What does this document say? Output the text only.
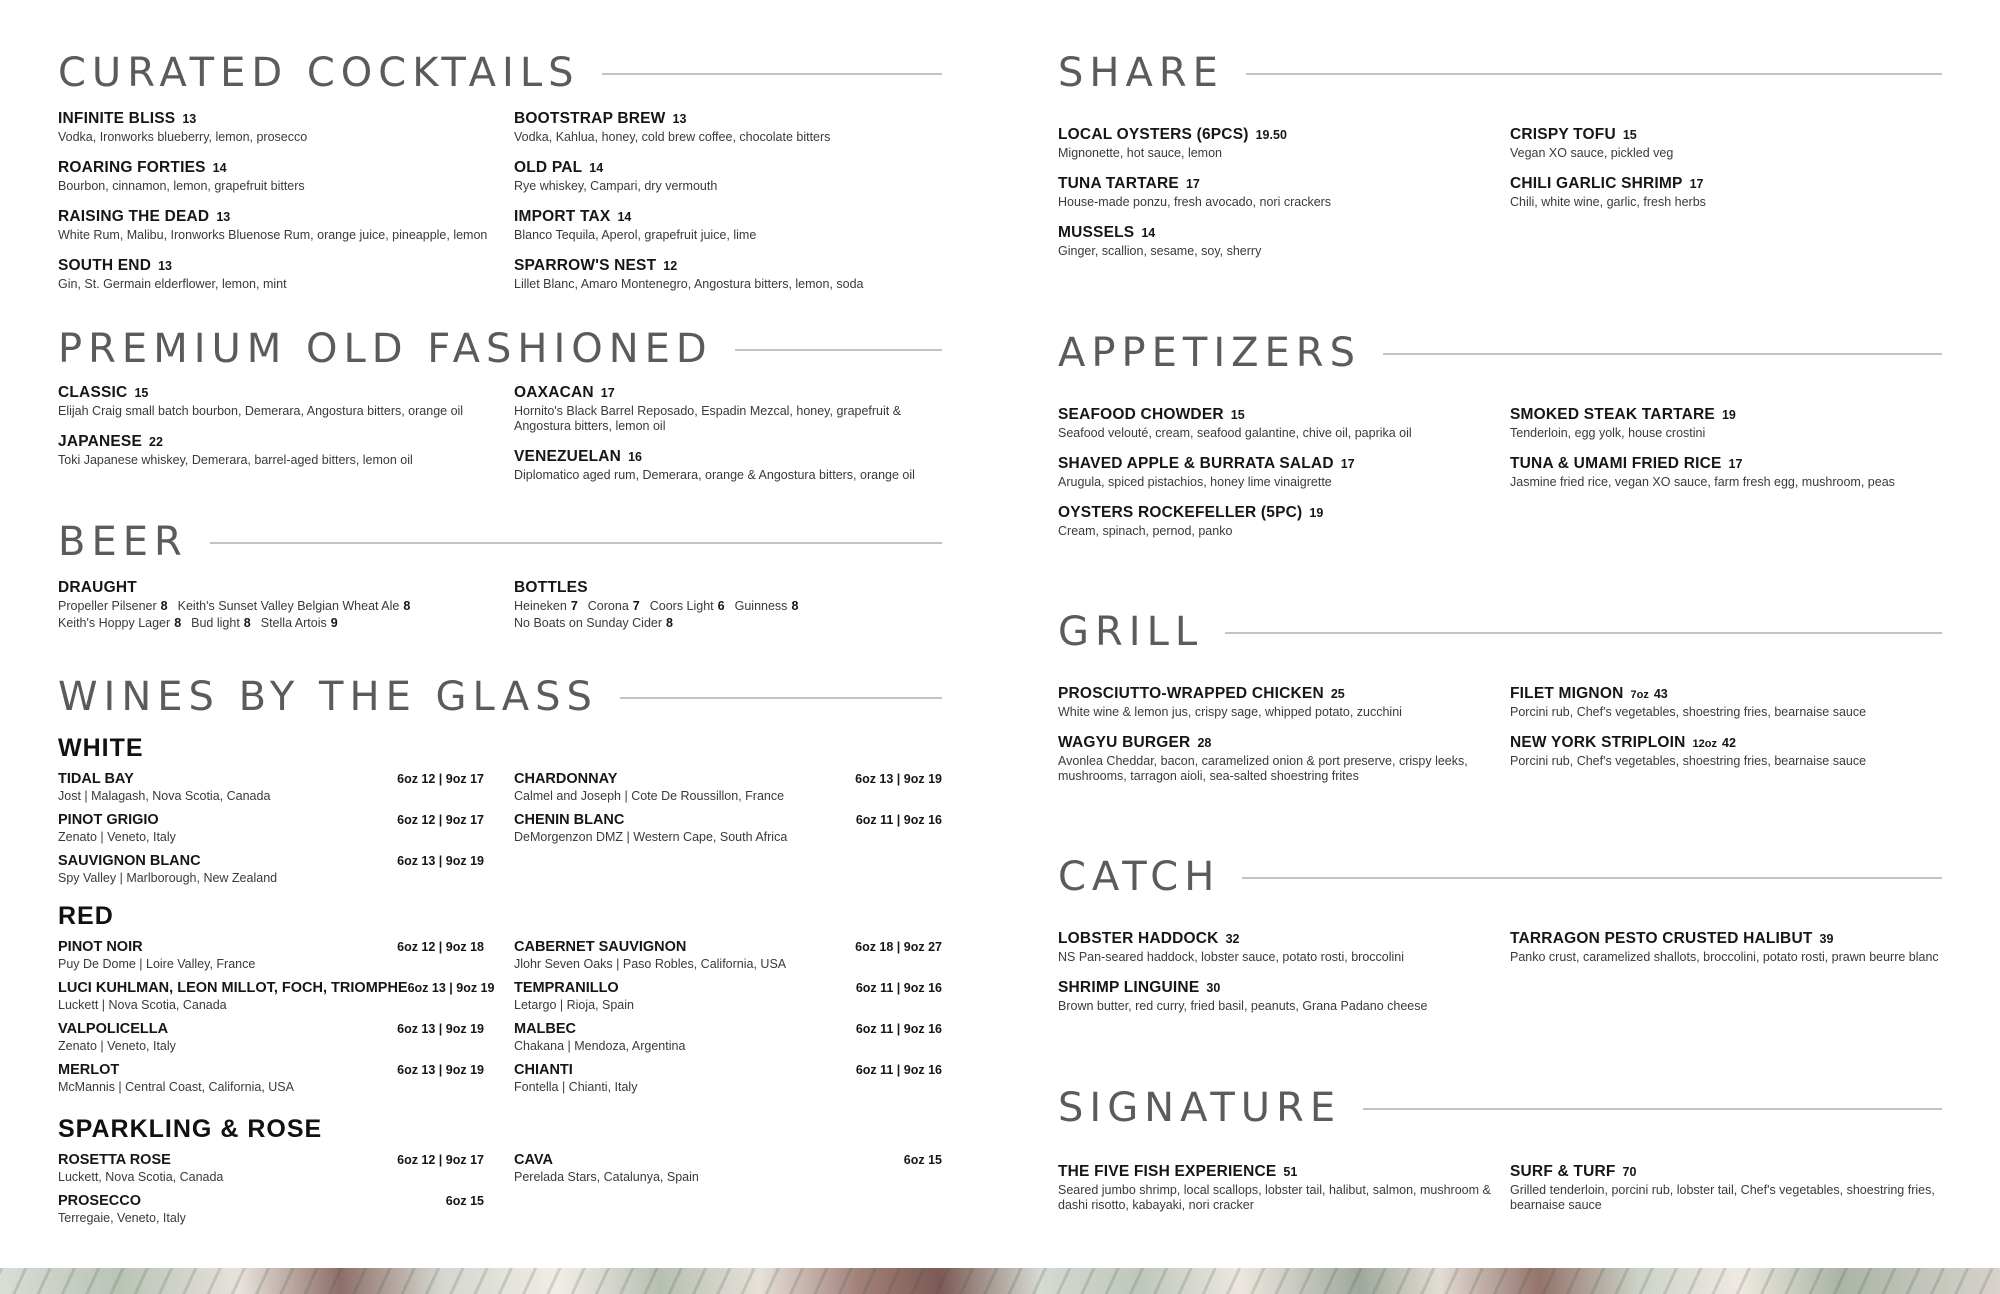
CURATED COCKTAILS
INFINITE BLISS 13
Vodka, Ironworks blueberry, lemon, prosecco
ROARING FORTIES 14
Bourbon, cinnamon, lemon, grapefruit bitters
RAISING THE DEAD 13
White Rum, Malibu, Ironworks Bluenose Rum, orange juice, pineapple, lemon
SOUTH END 13
Gin, St. Germain elderflower, lemon, mint
BOOTSTRAP BREW 13
Vodka, Kahlua, honey, cold brew coffee, chocolate bitters
OLD PAL 14
Rye whiskey, Campari, dry vermouth
IMPORT TAX 14
Blanco Tequila, Aperol, grapefruit juice, lime
SPARROW'S NEST 12
Lillet Blanc, Amaro Montenegro, Angostura bitters, lemon, soda
PREMIUM OLD FASHIONED
CLASSIC 15
Elijah Craig small batch bourbon, Demerara, Angostura bitters, orange oil
JAPANESE 22
Toki Japanese whiskey, Demerara, barrel-aged bitters, lemon oil
OAXACAN 17
Hornito's Black Barrel Reposado, Espadin Mezcal, honey, grapefruit & Angostura bitters, lemon oil
VENEZUELAN 16
Diplomatico aged rum, Demerara, orange & Angostura bitters, orange oil
BEER
DRAUGHT
Propeller Pilsener 8 Keith's Sunset Valley Belgian Wheat Ale 8
Keith's Hoppy Lager 8 Bud light 8 Stella Artois 9
BOTTLES
Heineken 7 Corona 7 Coors Light 6 Guinness 8
No Boats on Sunday Cider 8
WINES BY THE GLASS
WHITE
TIDAL BAY	6oz 12 | 9oz 17
Jost | Malagash, Nova Scotia, Canada
PINOT GRIGIO	6oz 12 | 9oz 17
Zenato | Veneto, Italy
SAUVIGNON BLANC	6oz 13 | 9oz 19
Spy Valley | Marlborough, New Zealand
CHARDONNAY	6oz 13 | 9oz 19
Calmel and Joseph | Cote De Roussillon, France
CHENIN BLANC	6oz 11 | 9oz 16
DeMorgenzon DMZ | Western Cape, South Africa
RED
PINOT NOIR	6oz 12 | 9oz 18
Puy De Dome | Loire Valley, France
LUCI KUHLMAN, LEON MILLOT, FOCH, TRIOMPHE 6oz 13 | 9oz 19
Luckett | Nova Scotia, Canada
VALPOLICELLA	6oz 13 | 9oz 19
Zenato | Veneto, Italy
MERLOT	6oz 13 | 9oz 19
McMannis | Central Coast, California, USA
CABERNET SAUVIGNON	6oz 18 | 9oz 27
Jlohr Seven Oaks | Paso Robles, California, USA
TEMPRANILLO	6oz 11 | 9oz 16
Letargo | Rioja, Spain
MALBEC	6oz 11 | 9oz 16
Chakana | Mendoza, Argentina
CHIANTI	6oz 11 | 9oz 16
Fontella | Chianti, Italy
SPARKLING & ROSE
ROSETTA ROSE	6oz 12 | 9oz 17
Luckett, Nova Scotia, Canada
PROSECCO	6oz 15
Terregaie, Veneto, Italy
CAVA	6oz 15
Perelada Stars, Catalunya, Spain
SHARE
LOCAL OYSTERS (6PCS) 19.50
Mignonette, hot sauce, lemon
TUNA TARTARE 17
House-made ponzu, fresh avocado, nori crackers
MUSSELS 14
Ginger, scallion, sesame, soy, sherry
CRISPY TOFU 15
Vegan XO sauce, pickled veg
CHILI GARLIC SHRIMP 17
Chili, white wine, garlic, fresh herbs
APPETIZERS
SEAFOOD CHOWDER 15
Seafood velouté, cream, seafood galantine, chive oil, paprika oil
SHAVED APPLE & BURRATA SALAD 17
Arugula, spiced pistachios, honey lime vinaigrette
OYSTERS ROCKEFELLER (5PC) 19
Cream, spinach, pernod, panko
SMOKED STEAK TARTARE 19
Tenderloin, egg yolk, house crostini
TUNA & UMAMI FRIED RICE 17
Jasmine fried rice, vegan XO sauce, farm fresh egg, mushroom, peas
GRILL
PROSCIUTTO-WRAPPED CHICKEN 25
White wine & lemon jus, crispy sage, whipped potato, zucchini
WAGYU BURGER 28
Avonlea Cheddar, bacon, caramelized onion & port preserve, crispy leeks, mushrooms, tarragon aioli, sea-salted shoestring frites
FILET MIGNON 7oz 43
Porcini rub, Chef's vegetables, shoestring fries, bearnaise sauce
NEW YORK STRIPLOIN 12oz 42
Porcini rub, Chef's vegetables, shoestring fries, bearnaise sauce
CATCH
LOBSTER HADDOCK 32
NS Pan-seared haddock, lobster sauce, potato rosti, broccolini
SHRIMP LINGUINE 30
Brown butter, red curry, fried basil, peanuts, Grana Padano cheese
TARRAGON PESTO CRUSTED HALIBUT 39
Panko crust, caramelized shallots, broccolini, potato rosti, prawn beurre blanc
SIGNATURE
THE FIVE FISH EXPERIENCE 51
Seared jumbo shrimp, local scallops, lobster tail, halibut, salmon, mushroom & dashi risotto, kabayaki, nori cracker
SURF & TURF 70
Grilled tenderloin, porcini rub, lobster tail, Chef's vegetables, shoestring fries, bearnaise sauce
